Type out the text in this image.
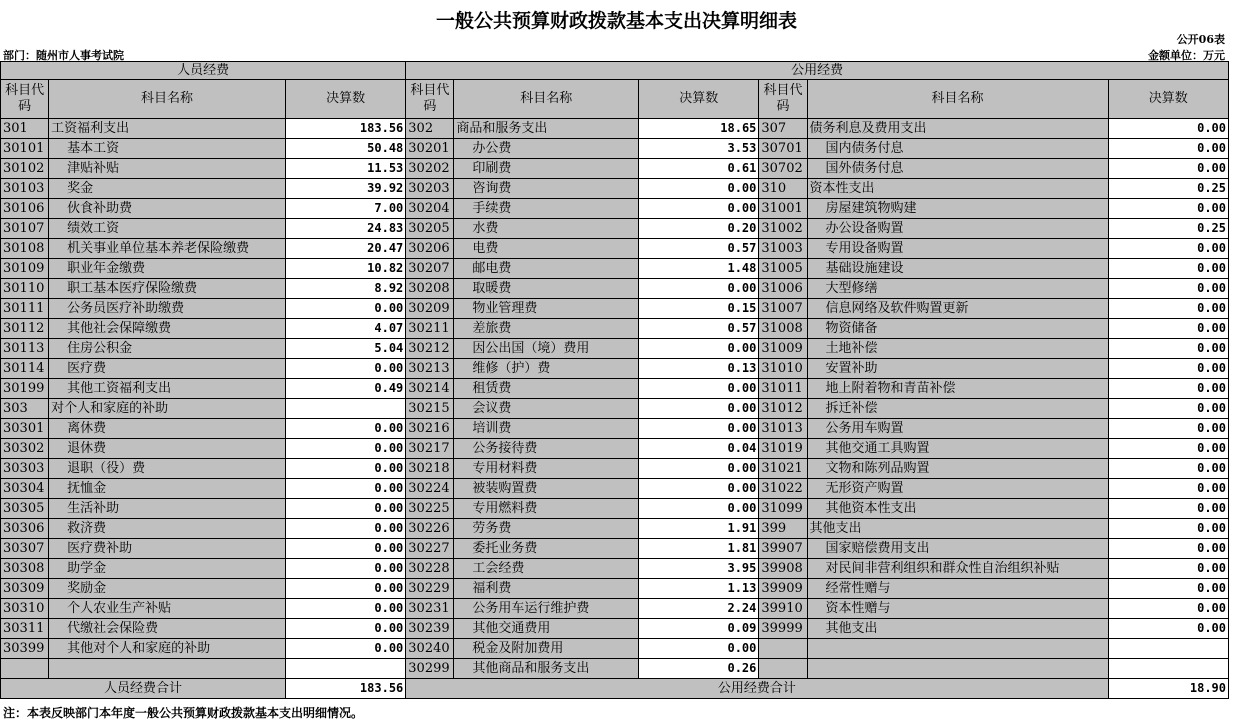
一般公共预算财政拨款基本支出决算明细表
公开06表
部门：随州市人事考试院	金额单位：万元
人员经费			公用经费					
科目代码	科目名称	决算数	科目代码	科目名称	决算数	科目代码	科目名称	决算数
301	工资福利支出	183.56	302	商品和服务支出	18.65	307	债务利息及费用支出	0.00
30101	基本工资	50.48	30201	办公费	3.53	30701	国内债务付息	0.00
30102	津贴补贴	11.53	30202	印刷费	0.61	30702	国外债务付息	0.00
30103	奖金	39.92	30203	咨询费	0.00	310	资本性支出	0.25
30106	伙食补助费	7.00	30204	手续费	0.00	31001	房屋建筑物购建	0.00
30107	绩效工资	24.83	30205	水费	0.20	31002	办公设备购置	0.25
30108	机关事业单位基本养老保险缴费	20.47	30206	电费	0.57	31003	专用设备购置	0.00
30109	职业年金缴费	10.82	30207	邮电费	1.48	31005	基础设施建设	0.00
30110	职工基本医疗保险缴费	8.92	30208	取暖费	0.00	31006	大型修缮	0.00
30111	公务员医疗补助缴费	0.00	30209	物业管理费	0.15	31007	信息网络及软件购置更新	0.00
30112	其他社会保障缴费	4.07	30211	差旅费	0.57	31008	物资储备	0.00
30113	住房公积金	5.04	30212	因公出国（境）费用	0.00	31009	土地补偿	0.00
30114	医疗费	0.00	30213	维修（护）费	0.13	31010	安置补助	0.00
30199	其他工资福利支出	0.49	30214	租赁费	0.00	31011	地上附着物和青苗补偿	0.00
303	对个人和家庭的补助		30215	会议费	0.00	31012	拆迁补偿	0.00
30301	离休费	0.00	30216	培训费	0.00	31013	公务用车购置	0.00
30302	退休费	0.00	30217	公务接待费	0.04	31019	其他交通工具购置	0.00
30303	退职（役）费	0.00	30218	专用材料费	0.00	31021	文物和陈列品购置	0.00
30304	抚恤金	0.00	30224	被装购置费	0.00	31022	无形资产购置	0.00
30305	生活补助	0.00	30225	专用燃料费	0.00	31099	其他资本性支出	0.00
30306	救济费	0.00	30226	劳务费	1.91	399	其他支出	0.00
30307	医疗费补助	0.00	30227	委托业务费	1.81	39907	国家赔偿费用支出	0.00
30308	助学金	0.00	30228	工会经费	3.95	39908	对民间非营利组织和群众性自治组织补贴	0.00
30309	奖励金	0.00	30229	福利费	1.13	39909	经常性赠与	0.00
30310	个人农业生产补贴	0.00	30231	公务用车运行维护费	2.24	39910	资本性赠与	0.00
30311	代缴社会保险费	0.00	30239	其他交通费用	0.09	39999	其他支出	0.00
30399	其他对个人和家庭的补助	0.00	30240	税金及附加费用	0.00			
			30299	其他商品和服务支出	0.26			
人员经费合计		183.56	公用经费合计					18.90
注：本表反映部门本年度一般公共预算财政拨款基本支出明细情况。
